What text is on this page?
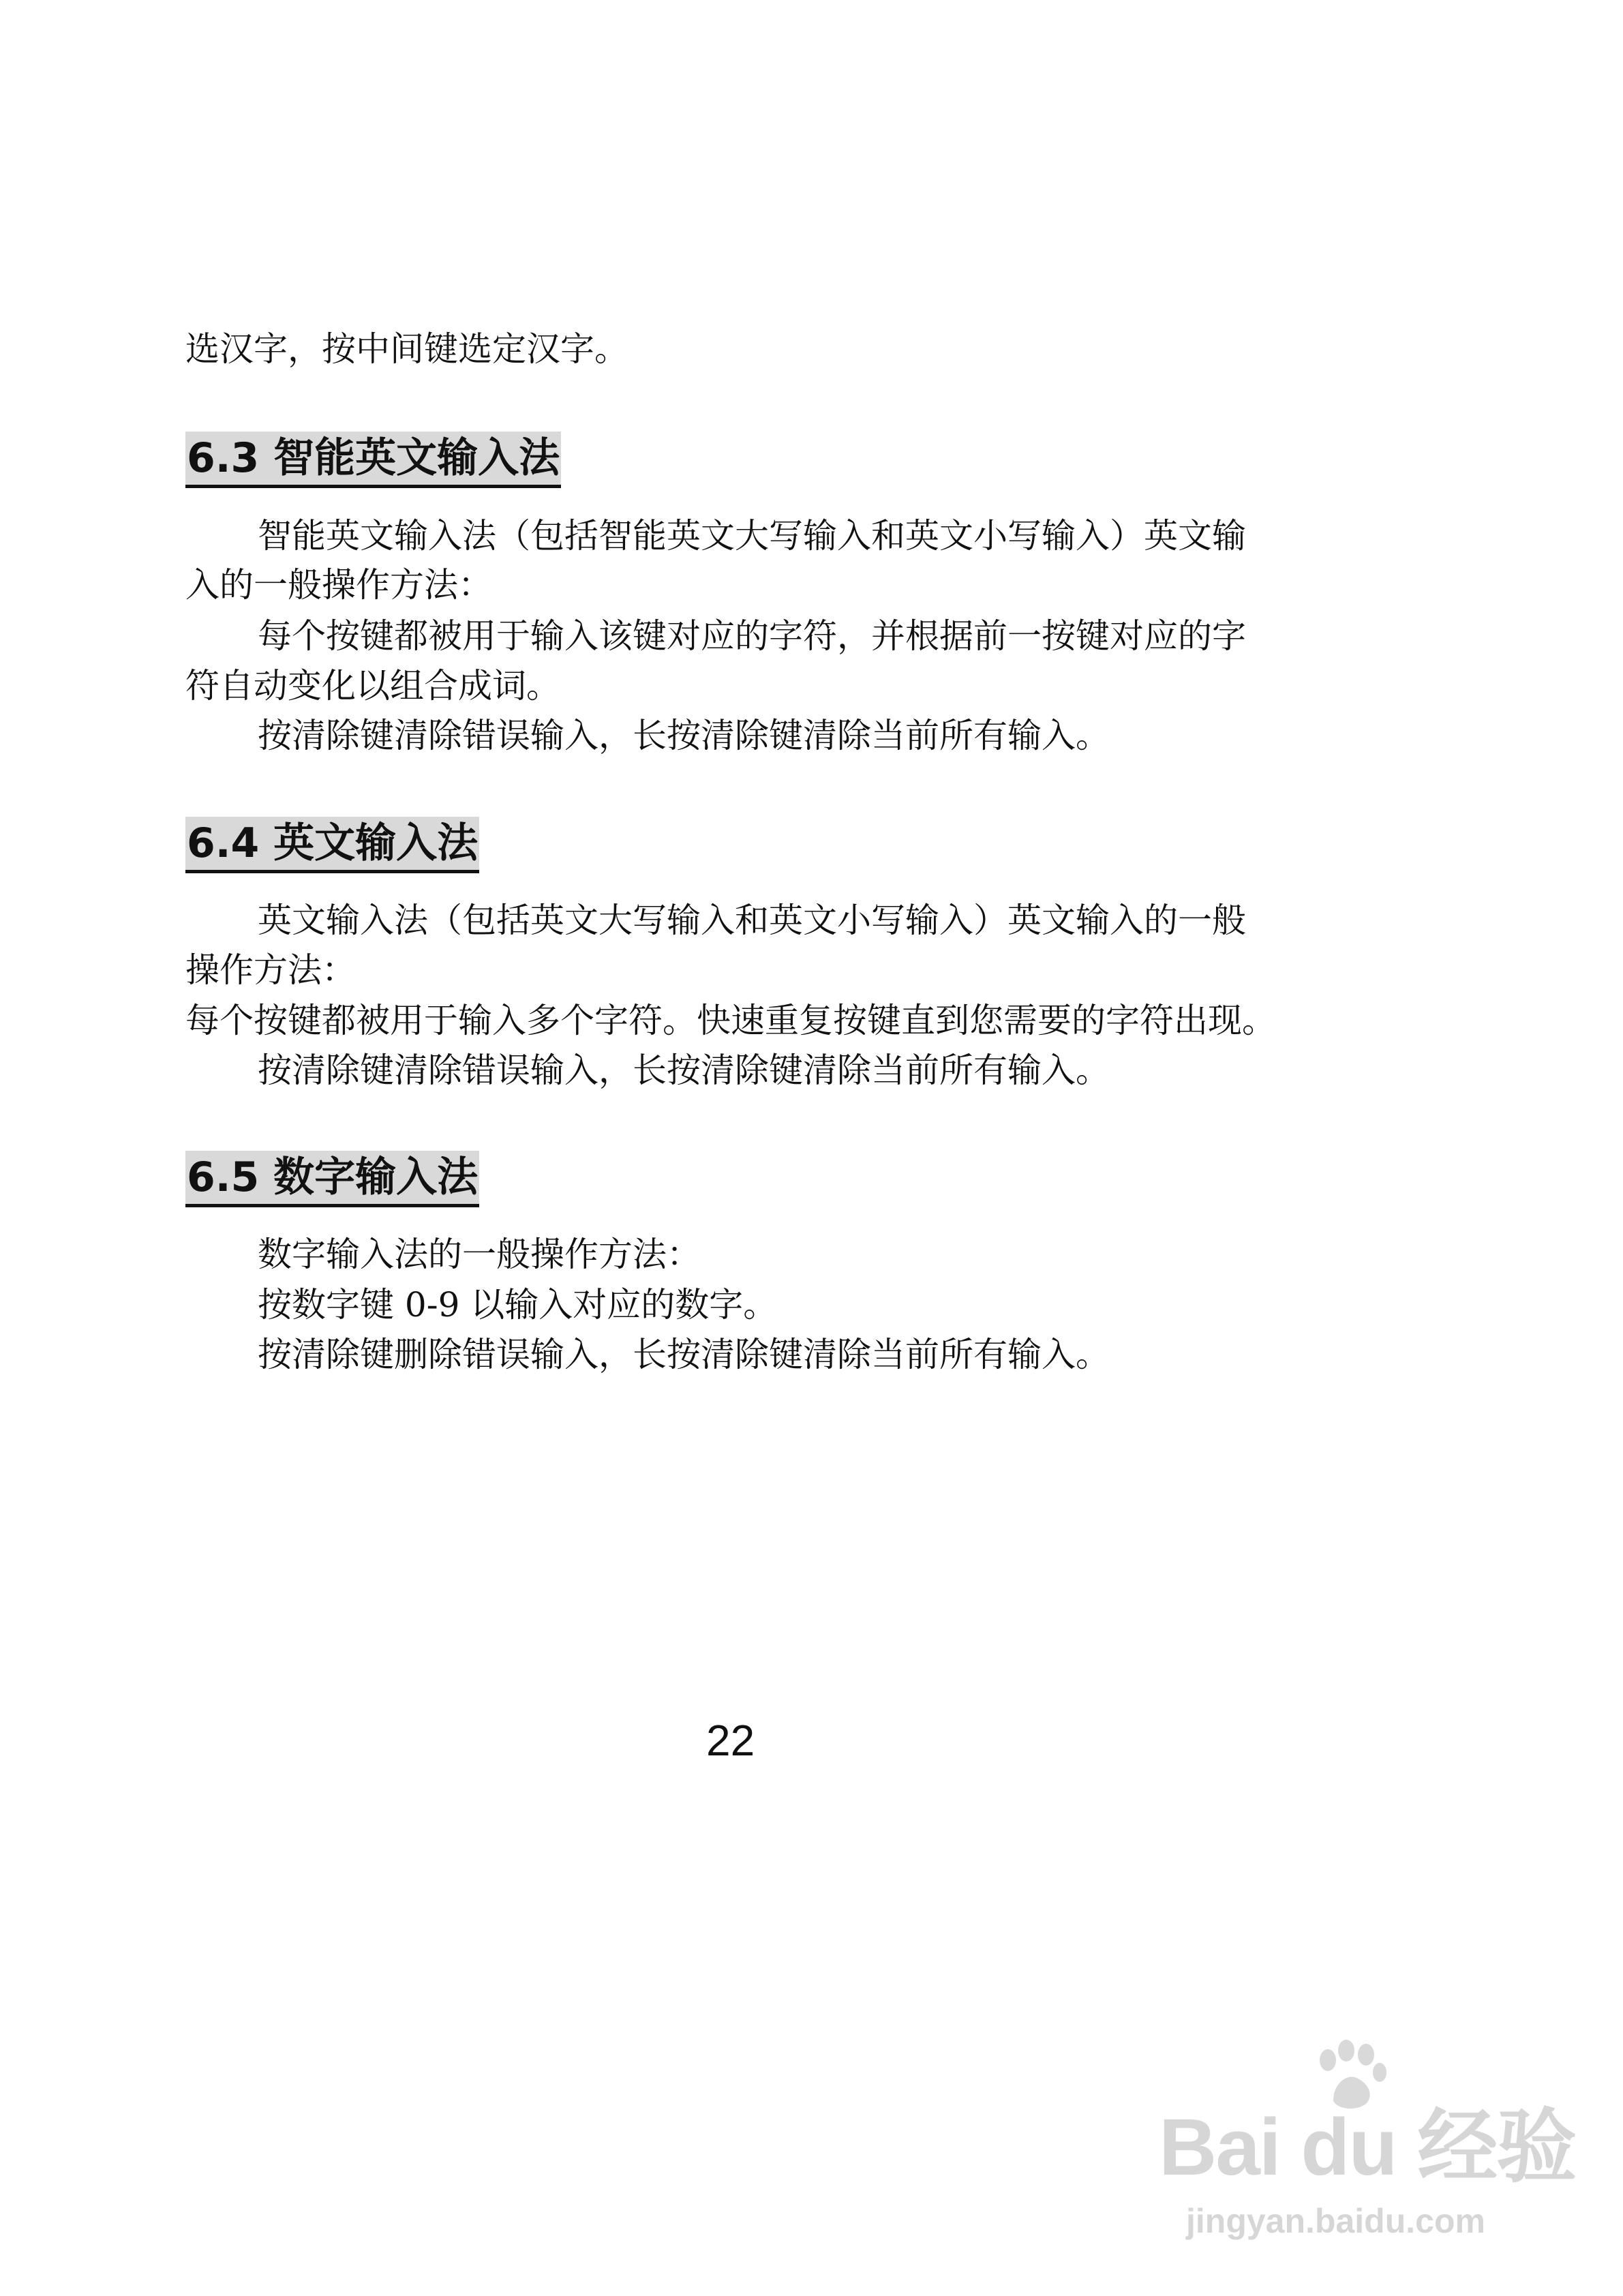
选汉字，按中间键选定汉字。
6.3 智能英文输入法
智能英文输入法（包括智能英文大写输入和英文小写输入）英文输
入的一般操作方法：
每个按键都被用于输入该键对应的字符，并根据前一按键对应的字
符自动变化以组合成词。
按清除键清除错误输入，长按清除键清除当前所有输入。
6.4 英文输入法
英文输入法（包括英文大写输入和英文小写输入）英文输入的一般
操作方法：
每个按键都被用于输入多个字符。快速重复按键直到您需要的字符出现。
按清除键清除错误输入，长按清除键清除当前所有输入。
6.5 数字输入法
数字输入法的一般操作方法：
按数字键 0-9 以输入对应的数字。
按清除键删除错误输入，长按清除键清除当前所有输入。
22
Bai du 经验
jingyan.baidu.com
